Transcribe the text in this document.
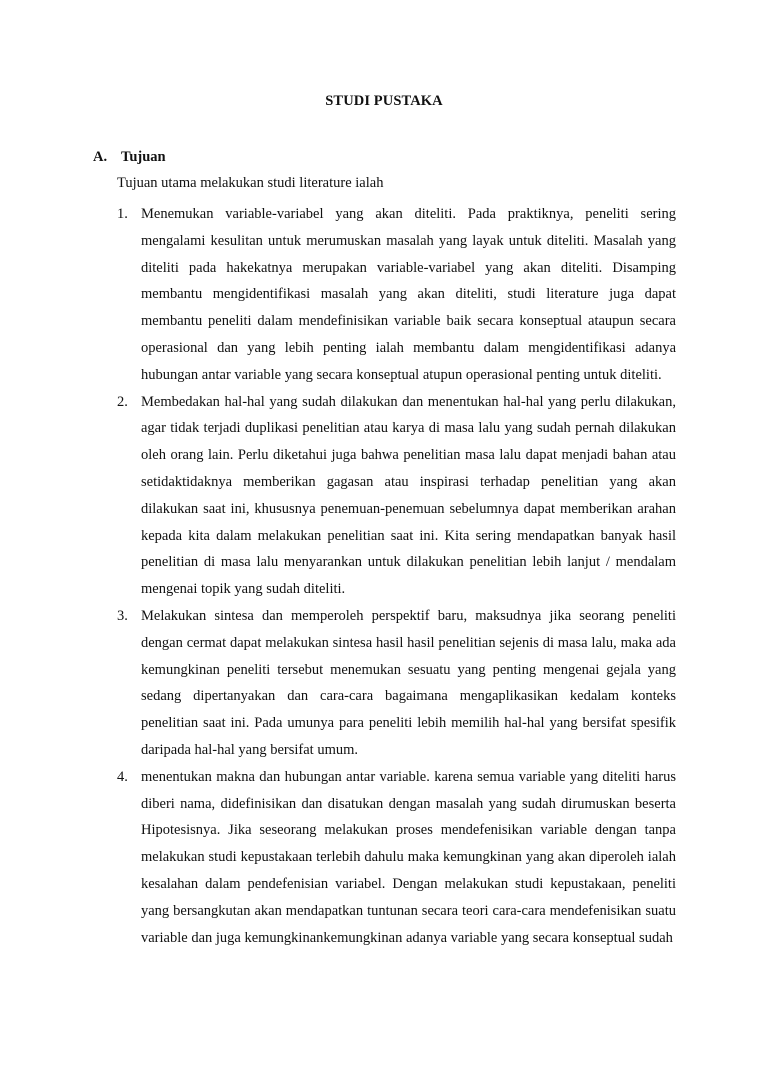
STUDI PUSTAKA
A. Tujuan
Tujuan utama melakukan studi literature ialah
1. Menemukan variable-variabel yang akan diteliti. Pada praktiknya, peneliti sering mengalami kesulitan untuk merumuskan masalah yang layak untuk diteliti. Masalah yang diteliti pada hakekatnya merupakan variable-variabel yang akan diteliti. Disamping membantu mengidentifikasi masalah yang akan diteliti, studi literature juga dapat membantu peneliti dalam mendefinisikan variable baik secara konseptual ataupun secara operasional dan yang lebih penting ialah membantu dalam mengidentifikasi adanya hubungan antar variable yang secara konseptual atupun operasional penting untuk diteliti.
2. Membedakan hal-hal yang sudah dilakukan dan menentukan hal-hal yang perlu dilakukan, agar tidak terjadi duplikasi penelitian atau karya di masa lalu yang sudah pernah dilakukan oleh orang lain. Perlu diketahui juga bahwa penelitian masa lalu dapat menjadi bahan atau setidaktidaknya memberikan gagasan atau inspirasi terhadap penelitian yang akan dilakukan saat ini, khususnya penemuan-penemuan sebelumnya dapat memberikan arahan kepada kita dalam melakukan penelitian saat ini. Kita sering mendapatkan banyak hasil penelitian di masa lalu menyarankan untuk dilakukan penelitian lebih lanjut / mendalam mengenai topik yang sudah diteliti.
3. Melakukan sintesa dan memperoleh perspektif baru, maksudnya jika seorang peneliti dengan cermat dapat melakukan sintesa hasil hasil penelitian sejenis di masa lalu, maka ada kemungkinan peneliti tersebut menemukan sesuatu yang penting mengenai gejala yang sedang dipertanyakan dan cara-cara bagaimana mengaplikasikan kedalam konteks penelitian saat ini. Pada umunya para peneliti lebih memilih hal-hal yang bersifat spesifik daripada hal-hal yang bersifat umum.
4. menentukan makna dan hubungan antar variable. karena semua variable yang diteliti harus diberi nama, didefinisikan dan disatukan dengan masalah yang sudah dirumuskan beserta Hipotesisnya. Jika seseorang melakukan proses mendefenisikan variable dengan tanpa melakukan studi kepustakaan terlebih dahulu maka kemungkinan yang akan diperoleh ialah kesalahan dalam pendefenisian variabel. Dengan melakukan studi kepustakaan, peneliti yang bersangkutan akan mendapatkan tuntunan secara teori cara-cara mendefenisikan suatu variable dan juga kemungkinankemungkinan adanya variable yang secara konseptual sudah
